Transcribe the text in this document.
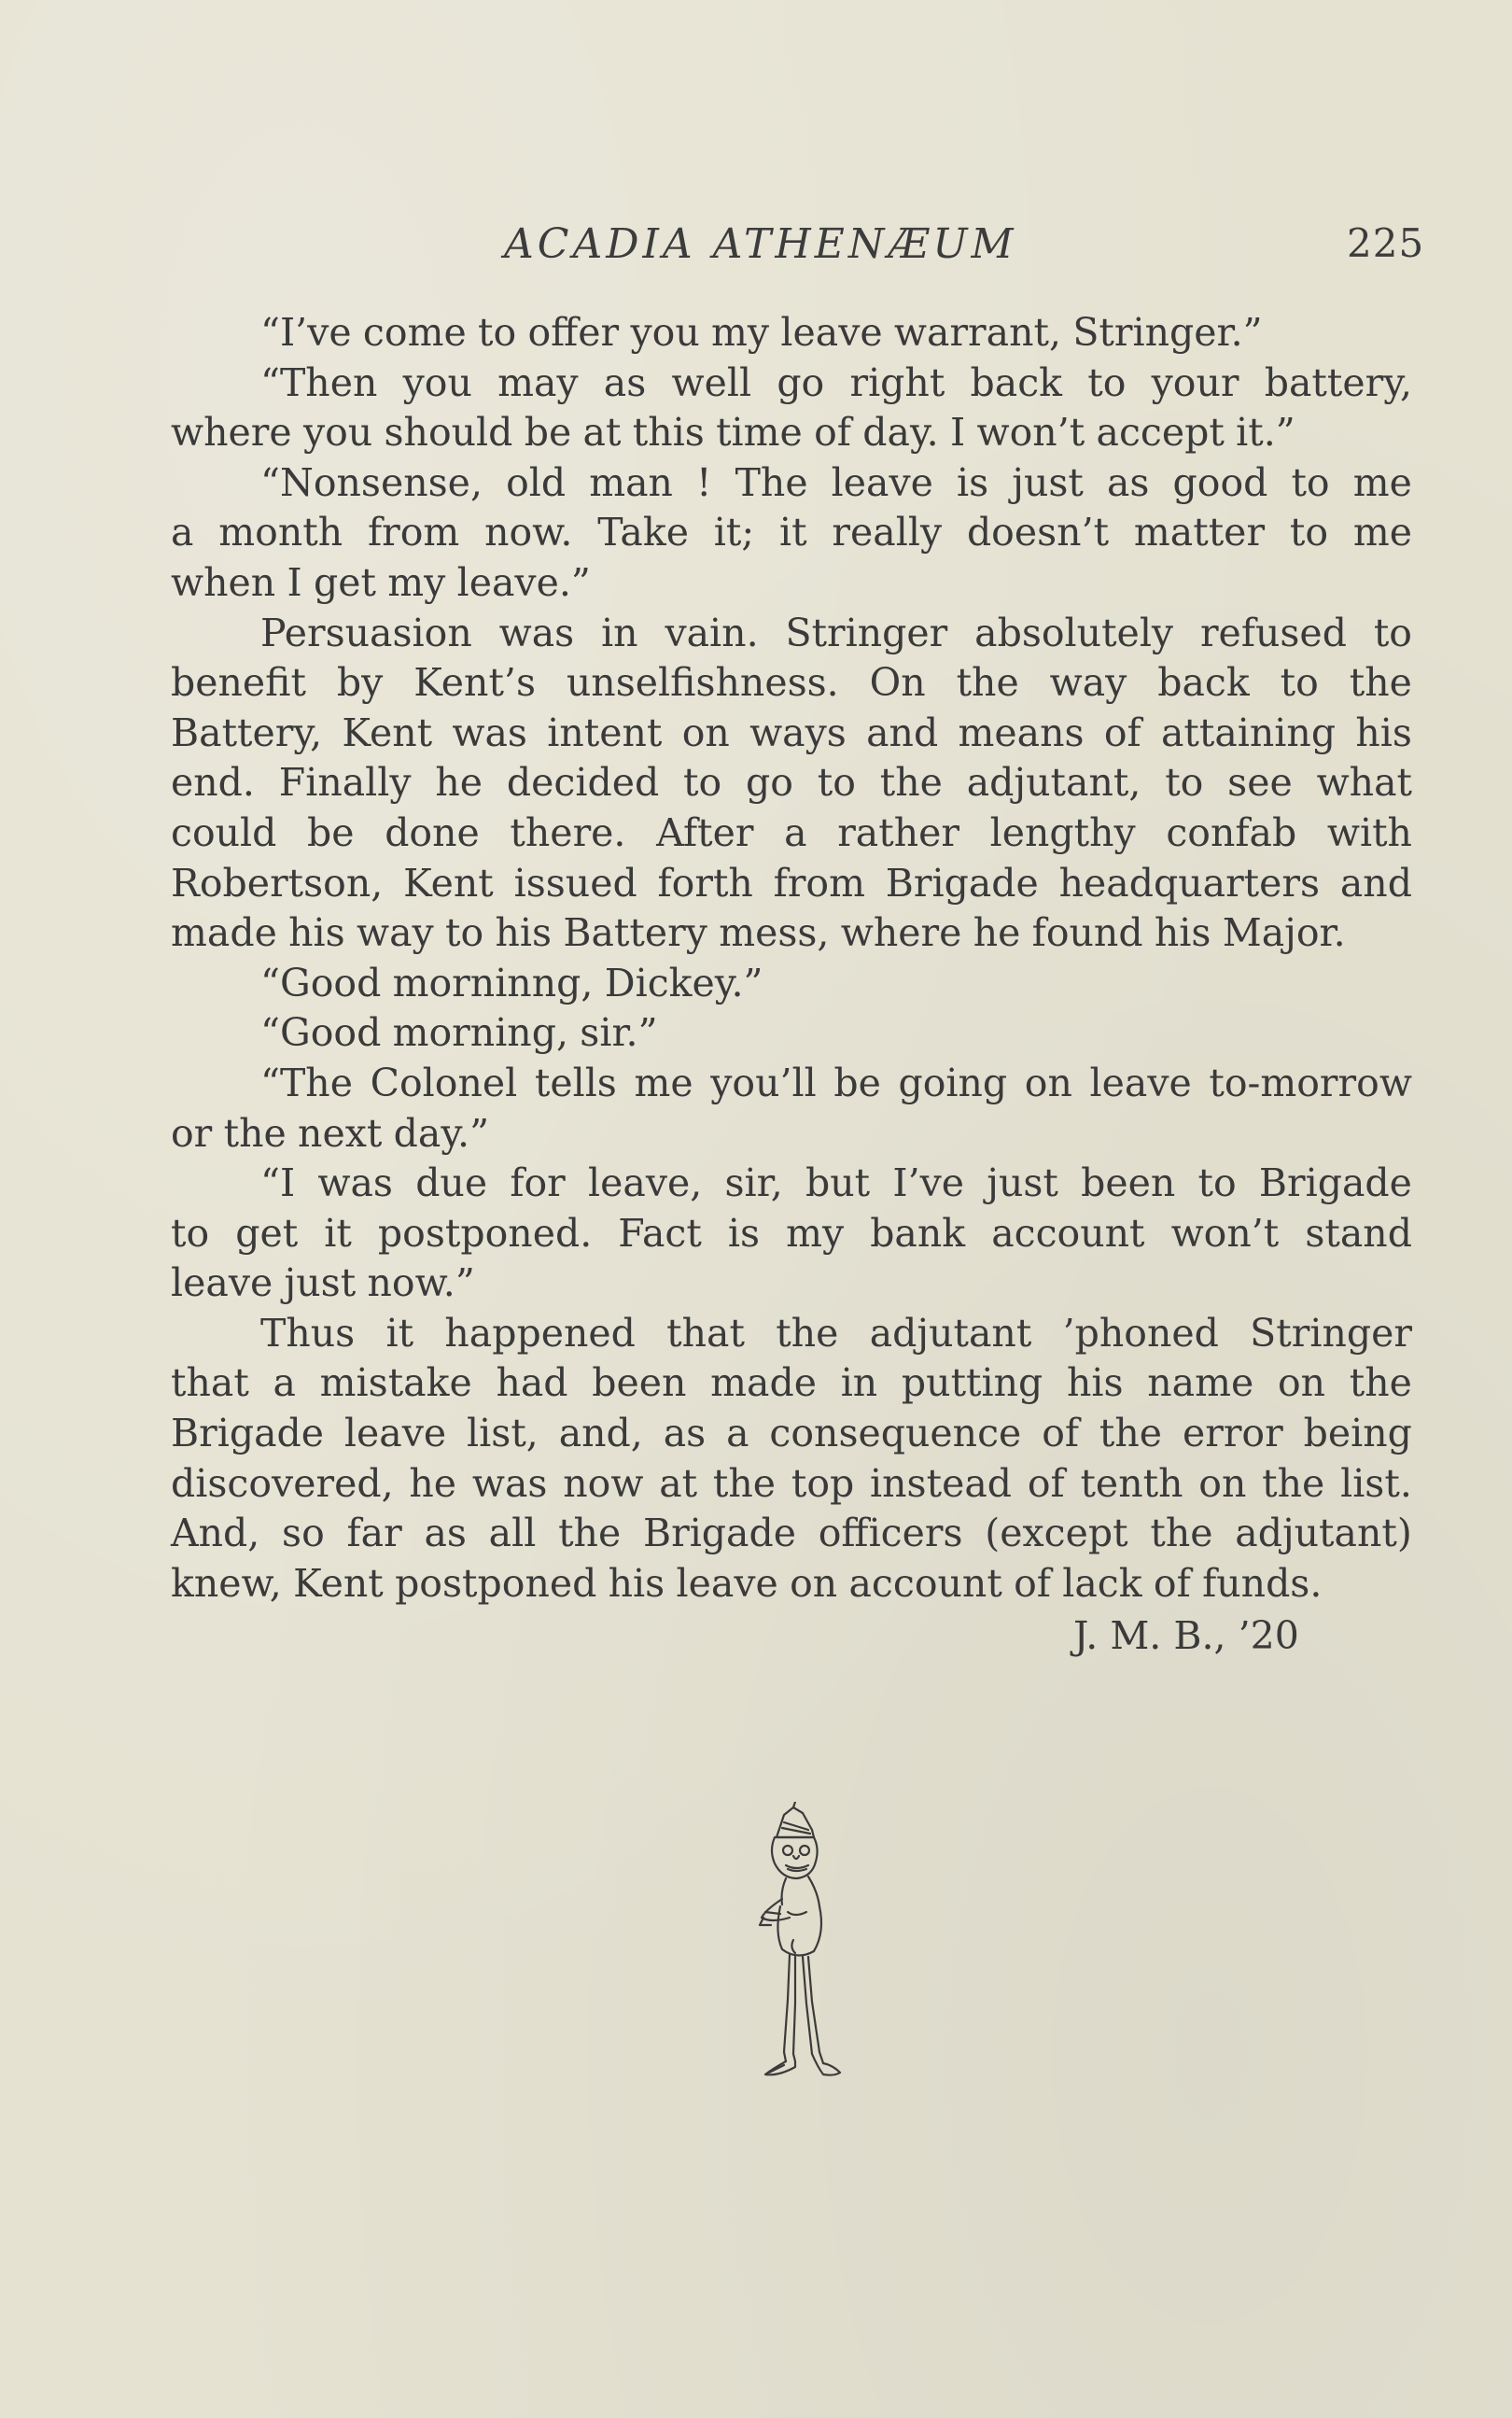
ACADIA ATHENÆUM	225
“I’ve come to offer you my leave warrant, Stringer.”
“Then you may as well go right back to your battery,
where you should be at this time of day. I won’t accept it.”
“Nonsense, old man ! The leave is just as good to me
a month from now. Take it; it really doesn’t matter to me
when I get my leave.”
Persuasion was in vain. Stringer absolutely refused to
benefit by Kent’s unselfishness. On the way back to the
Battery, Kent was intent on ways and means of attaining his
end. Finally he decided to go to the adjutant, to see what
could be done there. After a rather lengthy confab with
Robertson, Kent issued forth from Brigade headquarters and
made his way to his Battery mess, where he found his Major.
“Good morninng, Dickey.”
“Good morning, sir.”
“The Colonel tells me you’ll be going on leave to-morrow
or the next day.”
“I was due for leave, sir, but I’ve just been to Brigade
to get it postponed. Fact is my bank account won’t stand
leave just now.”
Thus it happened that the adjutant ’phoned Stringer
that a mistake had been made in putting his name on the
Brigade leave list, and, as a consequence of the error being
discovered, he was now at the top instead of tenth on the list.
And, so far as all the Brigade officers (except the adjutant)
knew, Kent postponed his leave on account of lack of funds.
J. M. B., ’20
